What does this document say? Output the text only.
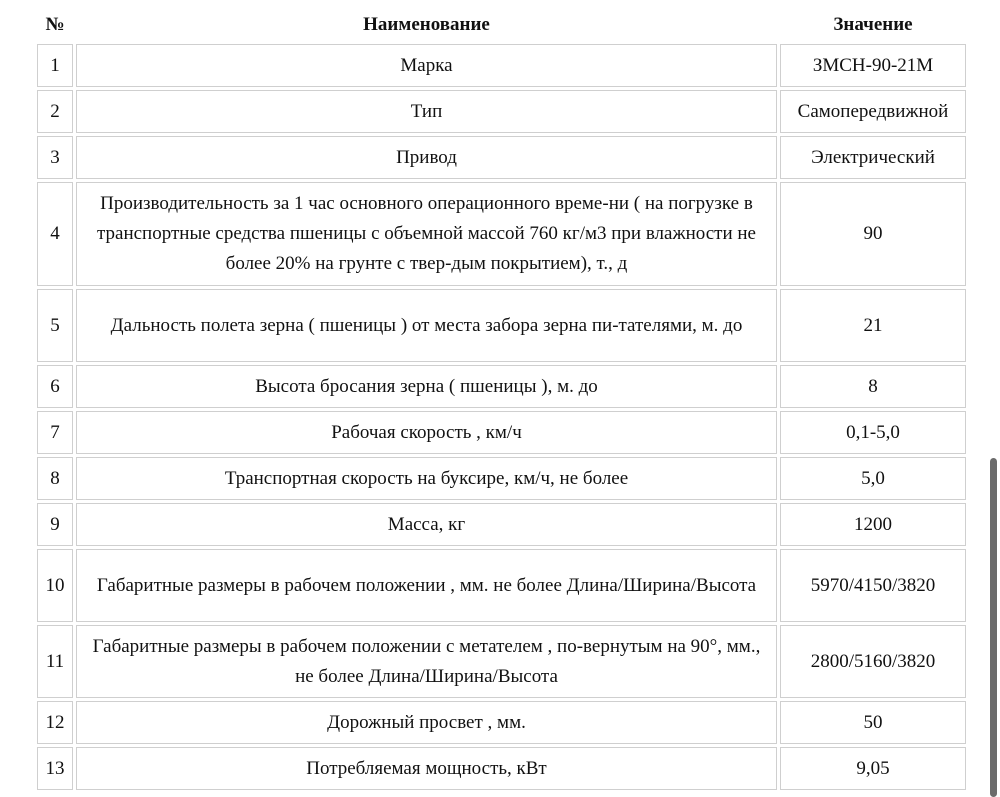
№	Наименование	Значение
1	Марка	ЗМСН-90-21М
2	Тип	Самопередвижной
3	Привод	Электрический
4	Производительность за 1 час основного операционного време-ни ( на погрузке в транспортные средства пшеницы с объемной массой 760 кг/м3 при влажности не более 20% на грунте с твер-дым покрытием), т., д	90
5	Дальность полета зерна ( пшеницы ) от места забора зерна пи-тателями, м. до	21
6	Высота бросания зерна ( пшеницы ), м. до	8
7	Рабочая скорость , км/ч	0,1-5,0
8	Транспортная скорость на буксире, км/ч, не более	5,0
9	Масса, кг	1200
10	Габаритные размеры в рабочем положении , мм. не более Длина/Ширина/Высота	5970/4150/3820
11	Габаритные размеры в рабочем положении с метателем , по-вернутым на 90°, мм., не более Длина/Ширина/Высота	2800/5160/3820
12	Дорожный просвет , мм.	50
13	Потребляемая мощность, кВт	9,05
